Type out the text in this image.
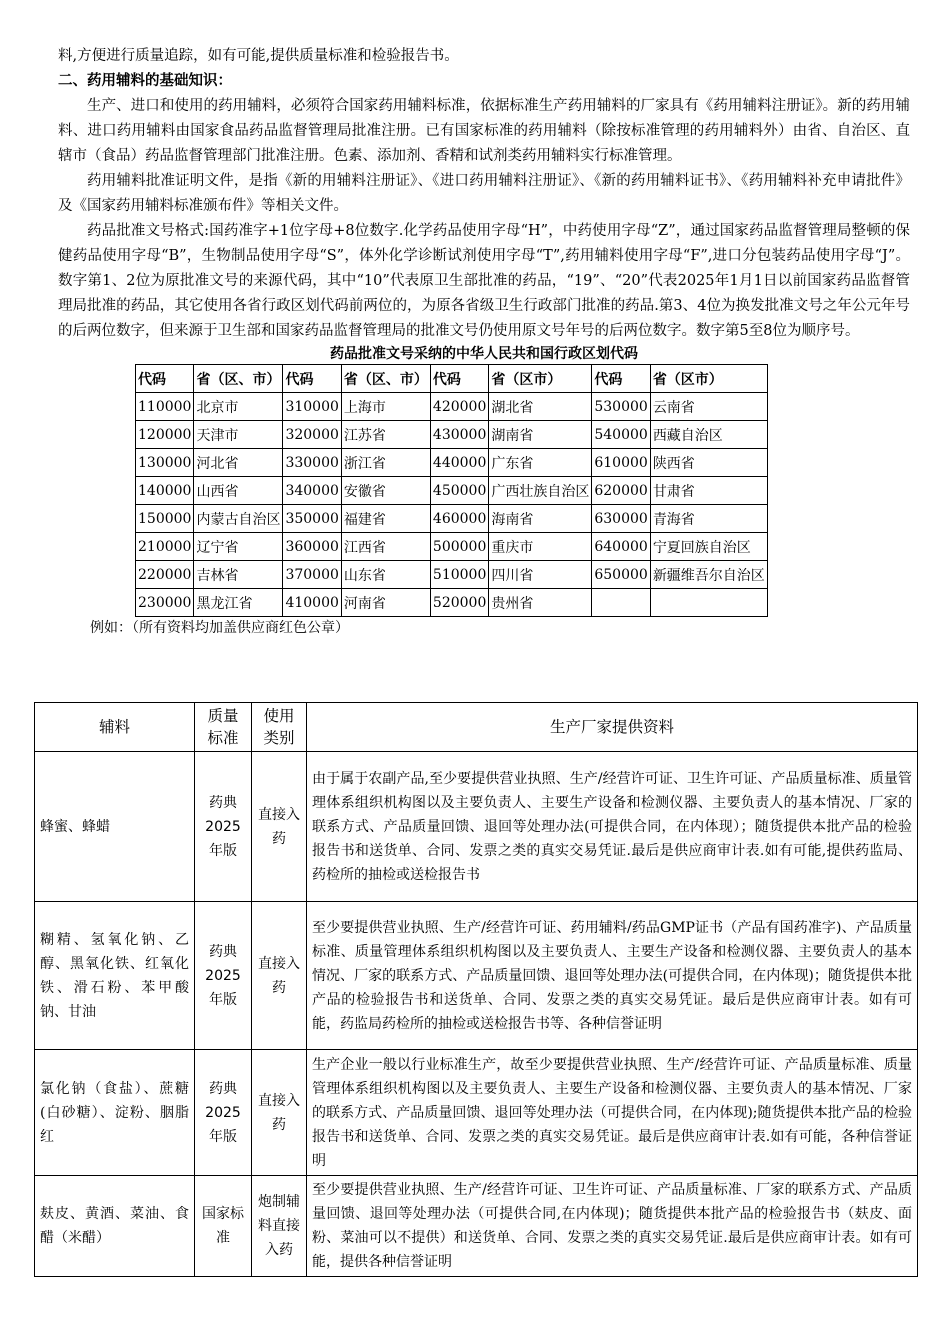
料,方便进行质量追踪，如有可能,提供质量标准和检验报告书。

二、药用辅料的基础知识：

生产、进口和使用的药用辅料，必须符合国家药用辅料标准，依据标准生产药用辅料的厂家具有《药用辅料注册证》。新的药用辅料、进口药用辅料由国家食品药品监督管理局批准注册。已有国家标准的药用辅料（除按标准管理的药用辅料外）由省、自治区、直辖市（食品）药品监督管理部门批准注册。色素、添加剂、香精和试剂类药用辅料实行标准管理。

药用辅料批准证明文件，是指《新的用辅料注册证》、《进口药用辅料注册证》、《新的药用辅料证书》、《药用辅料补充申请批件》及《国家药用辅料标准颁布件》等相关文件。

药品批准文号格式:国药准字+1位字母+8位数字.化学药品使用字母“H”，中药使用字母“Z”，通过国家药品监督管理局整顿的保健药品使用字母“B”，生物制品使用字母“S”，体外化学诊断试剂使用字母“T”,药用辅料使用字母“F”,进口分包装药品使用字母“J”。数字第1、2位为原批准文号的来源代码，其中“10”代表原卫生部批准的药品，“19”、“20”代表2025年1月1日以前国家药品监督管理局批准的药品，其它使用各省行政区划代码前两位的，为原各省级卫生行政部门批准的药品.第3、4位为换发批准文号之年公元年号的后两位数字，但来源于卫生部和国家药品监督管理局的批准文号仍使用原文号年号的后两位数字。数字第5至8位为顺序号。

药品批准文号采纳的中华人民共和国行政区划代码
代码	省（区、市）	代码	省（区、市）	代码	省（区市）	代码	省（区市）
110000	北京市	310000	上海市	420000	湖北省	530000	云南省
120000	天津市	320000	江苏省	430000	湖南省	540000	西藏自治区
130000	河北省	330000	浙江省	440000	广东省	610000	陕西省
140000	山西省	340000	安徽省	450000	广西壮族自治区	620000	甘肃省
150000	内蒙古自治区	350000	福建省	460000	海南省	630000	青海省
210000	辽宁省	360000	江西省	500000	重庆市	640000	宁夏回族自治区
220000	吉林省	370000	山东省	510000	四川省	650000	新疆维吾尔自治区
230000	黑龙江省	410000	河南省	520000	贵州省		

例如：（所有资料均加盖供应商红色公章）

辅料	质量标准	使用类别	生产厂家提供资料
蜂蜜、蜂蜡	药典2025年版	直接入药	由于属于农副产品,至少要提供营业执照、生产/经营许可证、卫生许可证、产品质量标准、质量管理体系组织机构图以及主要负责人、主要生产设备和检测仪器、主要负责人的基本情况、厂家的联系方式、产品质量回馈、退回等处理办法(可提供合同，在内体现）；随货提供本批产品的检验报告书和送货单、合同、发票之类的真实交易凭证.最后是供应商审计表.如有可能,提供药监局、药检所的抽检或送检报告书
糊精、氢氧化钠、乙醇、黑氧化铁、红氧化铁、滑石粉、苯甲酸钠、甘油	药典2025年版	直接入药	至少要提供营业执照、生产/经营许可证、药用辅料/药品GMP证书（产品有国药准字)、产品质量标准、质量管理体系组织机构图以及主要负责人、主要生产设备和检测仪器、主要负责人的基本情况、厂家的联系方式、产品质量回馈、退回等处理办法(可提供合同，在内体现)；随货提供本批产品的检验报告书和送货单、合同、发票之类的真实交易凭证。最后是供应商审计表。如有可能，药监局药检所的抽检或送检报告书等、各种信誉证明
氯化钠（食盐）、蔗糖(白砂糖）、淀粉、胭脂红	药典2025年版	直接入药	生产企业一般以行业标准生产，故至少要提供营业执照、生产/经营许可证、产品质量标准、质量管理体系组织机构图以及主要负责人、主要生产设备和检测仪器、主要负责人的基本情况、厂家的联系方式、产品质量回馈、退回等处理办法（可提供合同，在内体现);随货提供本批产品的检验报告书和送货单、合同、发票之类的真实交易凭证。最后是供应商审计表.如有可能，各种信誉证明
麸皮、黄酒、菜油、食醋（米醋）	国家标准	炮制辅料直接入药	至少要提供营业执照、生产/经营许可证、卫生许可证、产品质量标准、厂家的联系方式、产品质量回馈、退回等处理办法（可提供合同,在内体现)；随货提供本批产品的检验报告书（麸皮、面粉、菜油可以不提供）和送货单、合同、发票之类的真实交易凭证.最后是供应商审计表。如有可能，提供各种信誉证明
